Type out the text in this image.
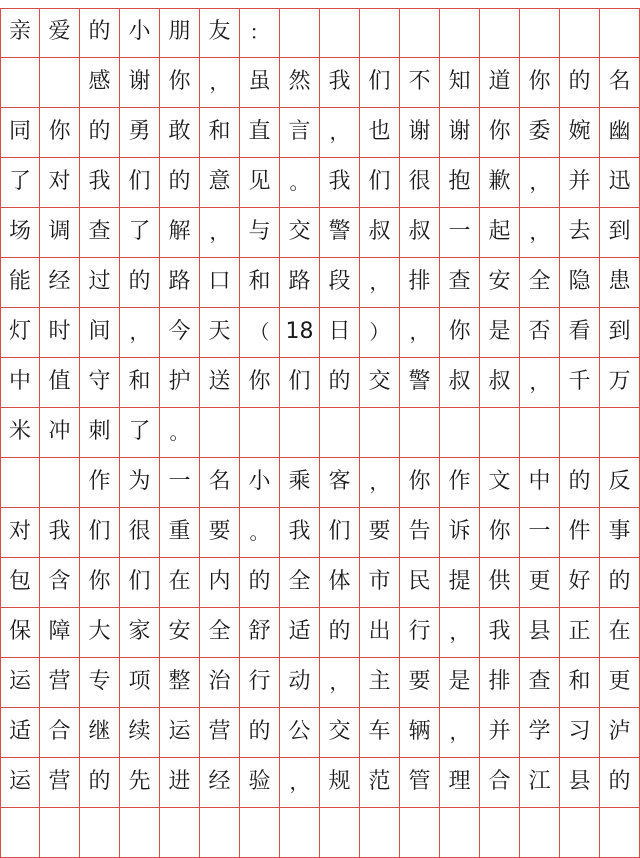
亲 爱 的 小 朋 友 ：
感 谢 你 ， 虽 然 我 们 不 知 道 你 的 名
同 你 的 勇 敢 和 直 言 ， 也 谢 谢 你 委 婉 幽
了 对 我 们 的 意 见 。 我 们 很 抱 歉 ， 并 迅
场 调 查 了 解 ， 与 交 警 叔 叔 一 起 ， 去 到
能 经 过 的 路 口 和 路 段 ， 排 查 安 全 隐 患
灯 时 间 ， 今 天 （ 18 日 ） ， 你 是 否 看 到
中 值 守 和 护 送 你 们 的 交 警 叔 叔 ， 千 万
米 冲 刺 了 。
作 为 一 名 小 乘 客 ， 你 作 文 中 的 反
对 我 们 很 重 要 。 我 们 要 告 诉 你 一 件 事
包 含 你 们 在 内 的 全 体 市 民 提 供 更 好 的
保 障 大 家 安 全 舒 适 的 出 行 ， 我 县 正 在
运 营 专 项 整 治 行 动 ， 主 要 是 排 查 和 更
适 合 继 续 运 营 的 公 交 车 辆 ， 并 学 习 泸
运 营 的 先 进 经 验 ， 规 范 管 理 合 江 县 的
